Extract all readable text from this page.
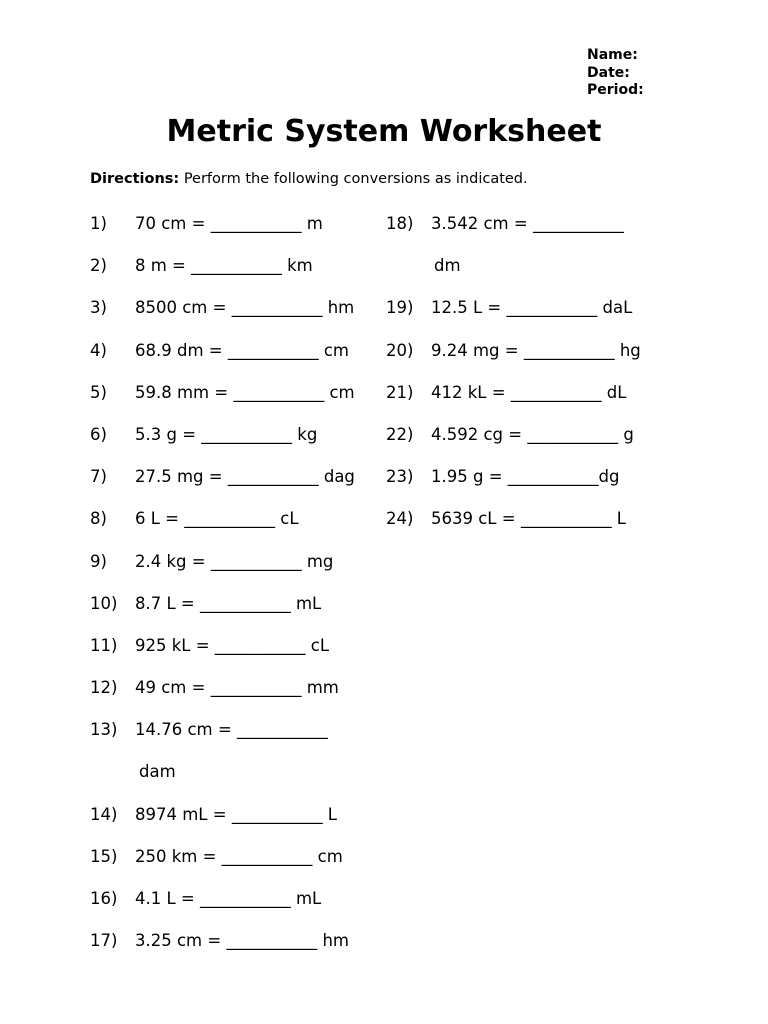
Name:
Date:
Period:
Metric System Worksheet
Directions: Perform the following conversions as indicated.
1) 70 cm = ___________ m
2) 8 m = ___________ km
3) 8500 cm = ___________ hm
4) 68.9 dm = ___________ cm
5) 59.8 mm = ___________ cm
6) 5.3 g = ___________ kg
7) 27.5 mg = ___________ dag
8) 6 L = ___________ cL
9) 2.4 kg = ___________ mg
10) 8.7 L = ___________ mL
11) 925 kL = ___________ cL
12) 49 cm = ___________ mm
13) 14.76 cm = ___________
dam
14) 8974 mL = ___________ L
15) 250 km = ___________ cm
16) 4.1 L = ___________ mL
17) 3.25 cm = ___________ hm
18) 3.542 cm = ___________
dm
19) 12.5 L = ___________ daL
20) 9.24 mg = ___________ hg
21) 412 kL = ___________ dL
22) 4.592 cg = ___________ g
23) 1.95 g = ___________dg
24) 5639 cL = ___________ L
